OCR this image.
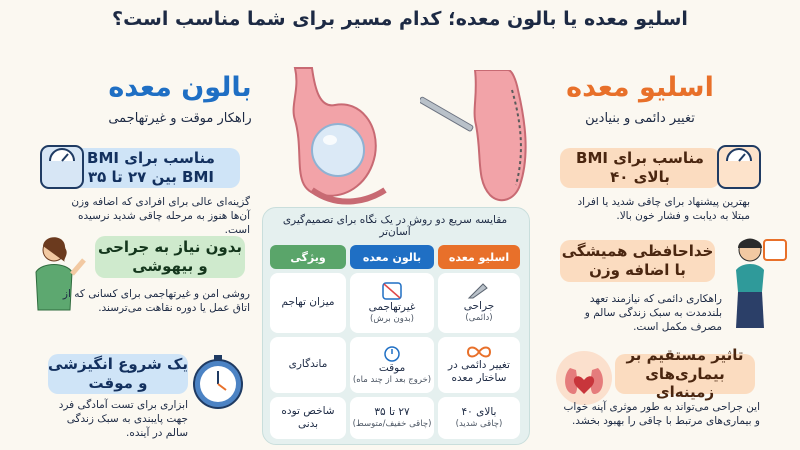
اسلیو معده یا بالون معده؛ کدام مسیر برای شما مناسب است؟
بالون معده
راهکار موقت و غیرتهاجمی
اسلیو معده
تغییر دائمی و بنیادین
مناسب برای BMI
BMI بین ۲۷ تا ۳۵
گزینه‌ای عالی برای افرادی که اضافه وزن آن‌ها هنوز به مرحله چاقی شدید نرسیده است.
بدون نیاز به جراحی
و بیهوشی
روشی امن و غیرتهاجمی برای کسانی که از اتاق عمل یا دوره نقاهت می‌ترسند.
یک شروع انگیزشی
و موقت
ابزاری برای تست آمادگی فرد جهت پایبندی به سبک زندگی سالم در آینده.
مناسب برای BMI
بالای ۴۰
بهترین پیشنهاد برای چاقی شدید یا افراد مبتلا به دیابت و فشار خون بالا.
خداحافظی همیشگی
با اضافه وزن
راهکاری دائمی که نیازمند تعهد بلندمدت به سبک زندگی سالم و مصرف مکمل است.
تاثیر مستقیم بر
بیماری‌های زمینه‌ای
این جراحی می‌تواند به طور موثری آپنه خواب و بیماری‌های مرتبط با چاقی را بهبود بخشد.
مقایسه سریع دو روش در یک نگاه برای تصمیم‌گیری آسان‌تر
اسلیو معده
بالون معده
ویژگی
جراحی
(دائمی)
غیرتهاجمی
(بدون برش)
میزان تهاجم
تغییر دائمی در ساختار معده
موقت
(خروج بعد از چند ماه)
ماندگاری
بالای ۴۰
(چاقی شدید)
۲۷ تا ۳۵
(چاقی خفیف/متوسط)
شاخص توده بدنی
